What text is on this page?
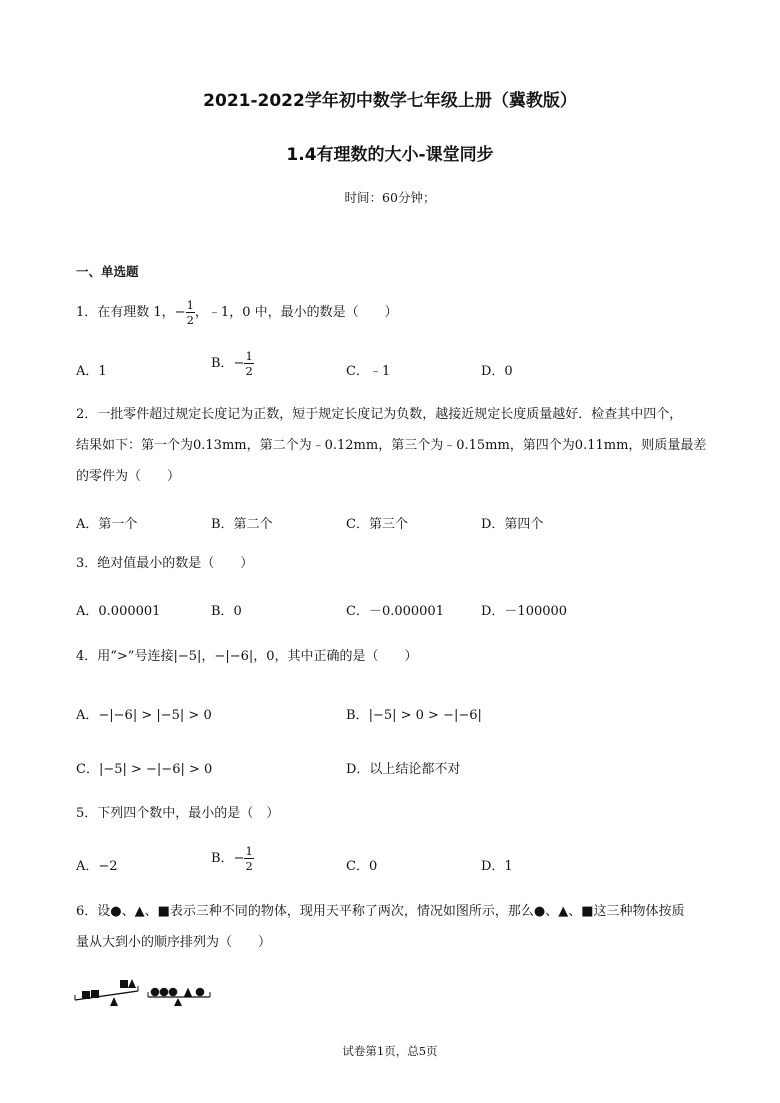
2021-2022学年初中数学七年级上册（冀教版）
1.4有理数的大小-课堂同步
时间：60分钟；
一、单选题
1．在有理数 1，− $\frac{1}{2}$ ，﹣1，0 中，最小的数是（　　）
A．1
B．− $\frac{1}{2}$	C．﹣1	D．0
2．一批零件超过规定长度记为正数，短于规定长度记为负数，越接近规定长度质量越好．检查其中四个，
结果如下：第一个为0.13mm，第二个为﹣0.12mm，第三个为﹣0.15mm，第四个为0.11mm，则质量最差
的零件为（　　）
A．第一个	B．第二个	C．第三个	D．第四个
3．绝对值最小的数是（　　）
A．0.000001	B．0	C．－0.000001	D．－100000
4．用“>”号连接|−5|，−|−6|，0，其中正确的是（　　）
A．−|−6| > |−5| > 0	B．|−5| > 0 > −|−6|
C．|−5| > −|−6| > 0	D．以上结论都不对
5．下列四个数中，最小的是（　）
A．−2
B．− $\frac{1}{2}$	C．0	D．1
6．设●、▲、■表示三种不同的物体，现用天平称了两次，情况如图所示，那么●、▲、■这三种物体按质
量从大到小的顺序排列为（　　）
试卷第1页，总5页
